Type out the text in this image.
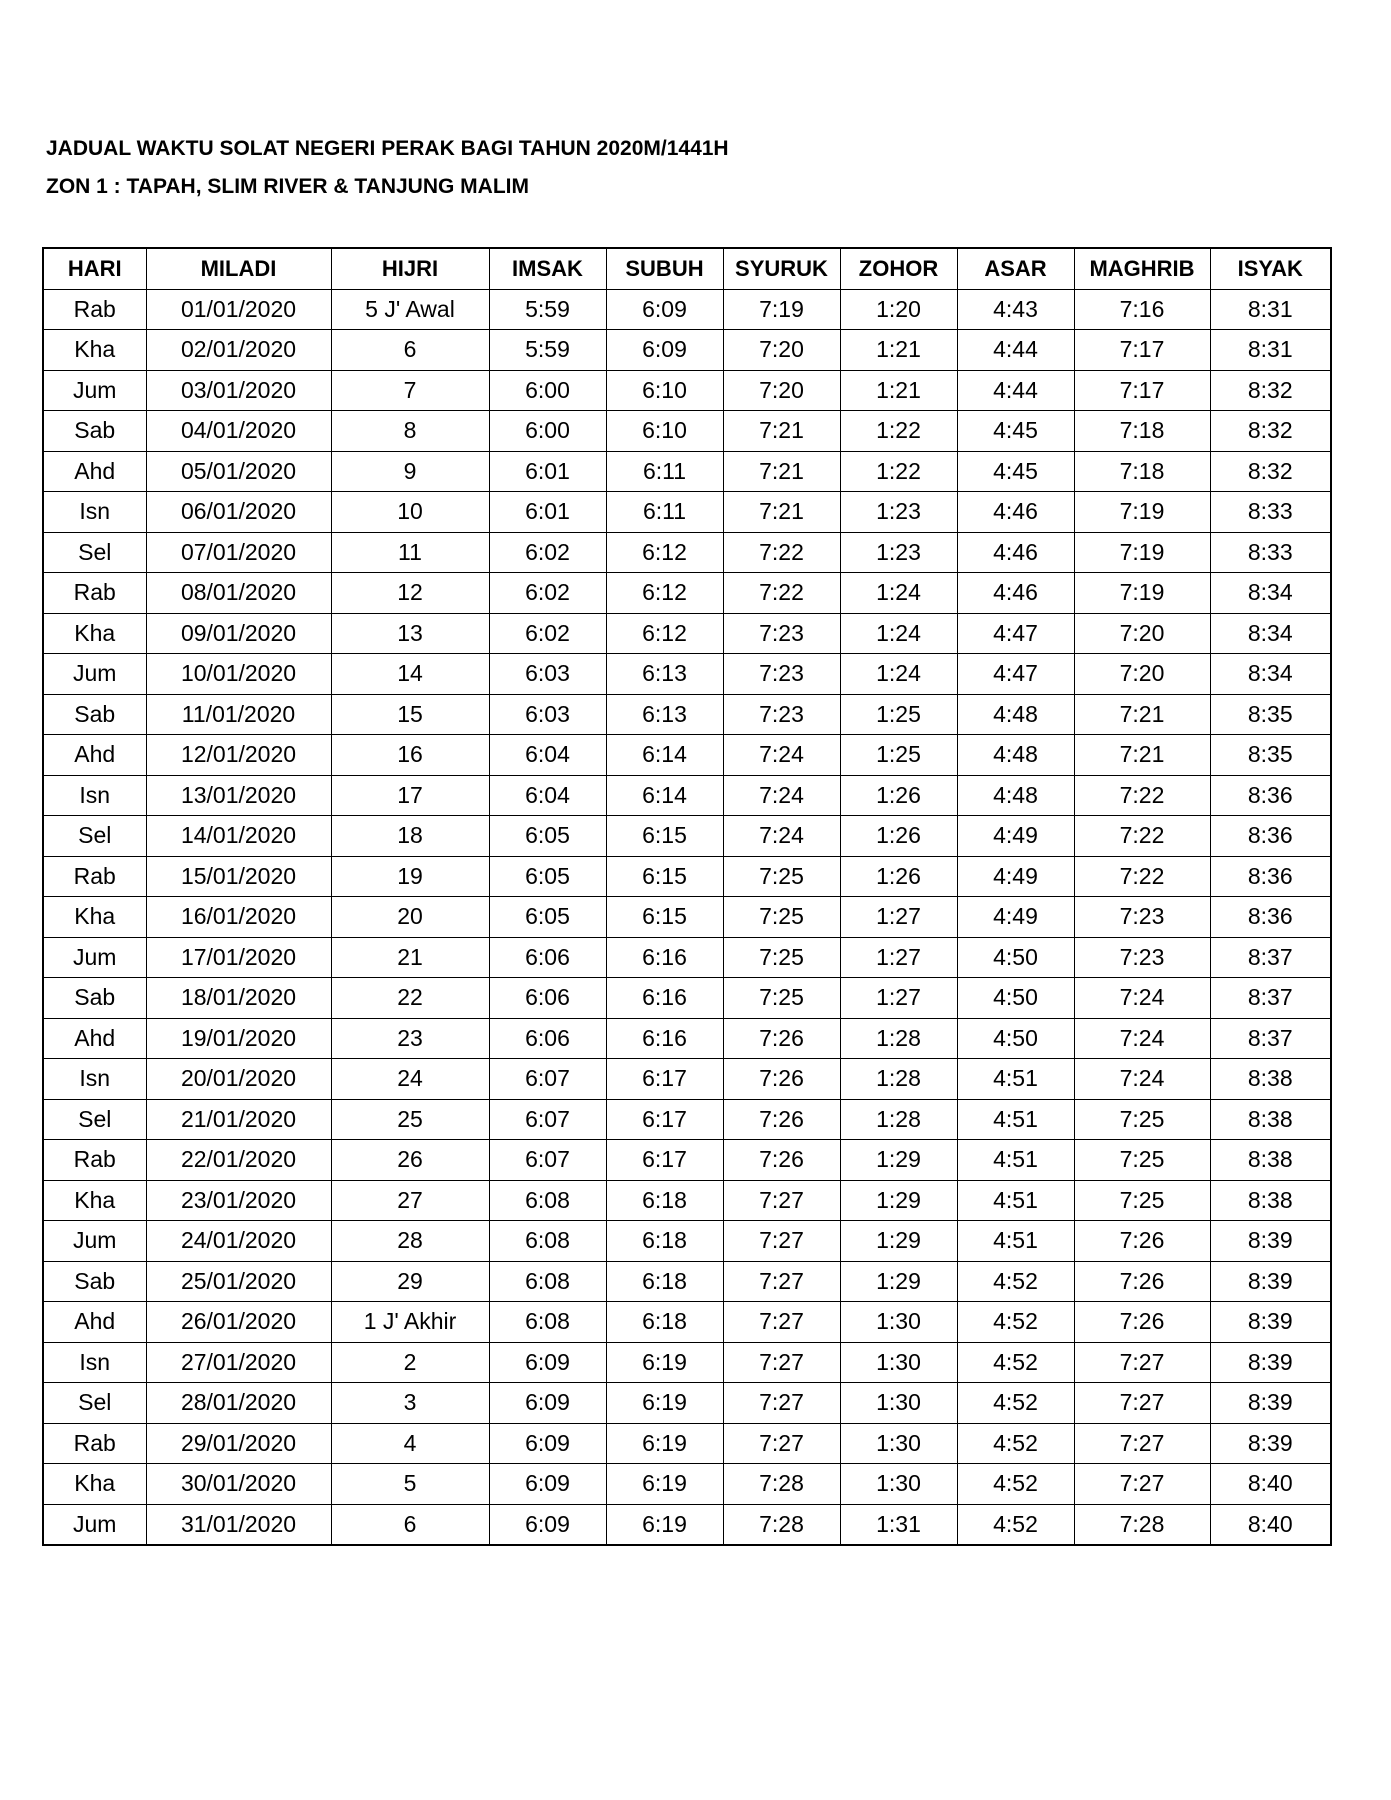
JADUAL WAKTU SOLAT NEGERI PERAK BAGI TAHUN 2020M/1441H
ZON 1 : TAPAH, SLIM RIVER & TANJUNG MALIM
HARI	MILADI	HIJRI	IMSAK	SUBUH	SYURUK	ZOHOR	ASAR	MAGHRIB	ISYAK
Rab	01/01/2020	5 J' Awal	5:59	6:09	7:19	1:20	4:43	7:16	8:31
Kha	02/01/2020	6	5:59	6:09	7:20	1:21	4:44	7:17	8:31
Jum	03/01/2020	7	6:00	6:10	7:20	1:21	4:44	7:17	8:32
Sab	04/01/2020	8	6:00	6:10	7:21	1:22	4:45	7:18	8:32
Ahd	05/01/2020	9	6:01	6:11	7:21	1:22	4:45	7:18	8:32
Isn	06/01/2020	10	6:01	6:11	7:21	1:23	4:46	7:19	8:33
Sel	07/01/2020	11	6:02	6:12	7:22	1:23	4:46	7:19	8:33
Rab	08/01/2020	12	6:02	6:12	7:22	1:24	4:46	7:19	8:34
Kha	09/01/2020	13	6:02	6:12	7:23	1:24	4:47	7:20	8:34
Jum	10/01/2020	14	6:03	6:13	7:23	1:24	4:47	7:20	8:34
Sab	11/01/2020	15	6:03	6:13	7:23	1:25	4:48	7:21	8:35
Ahd	12/01/2020	16	6:04	6:14	7:24	1:25	4:48	7:21	8:35
Isn	13/01/2020	17	6:04	6:14	7:24	1:26	4:48	7:22	8:36
Sel	14/01/2020	18	6:05	6:15	7:24	1:26	4:49	7:22	8:36
Rab	15/01/2020	19	6:05	6:15	7:25	1:26	4:49	7:22	8:36
Kha	16/01/2020	20	6:05	6:15	7:25	1:27	4:49	7:23	8:36
Jum	17/01/2020	21	6:06	6:16	7:25	1:27	4:50	7:23	8:37
Sab	18/01/2020	22	6:06	6:16	7:25	1:27	4:50	7:24	8:37
Ahd	19/01/2020	23	6:06	6:16	7:26	1:28	4:50	7:24	8:37
Isn	20/01/2020	24	6:07	6:17	7:26	1:28	4:51	7:24	8:38
Sel	21/01/2020	25	6:07	6:17	7:26	1:28	4:51	7:25	8:38
Rab	22/01/2020	26	6:07	6:17	7:26	1:29	4:51	7:25	8:38
Kha	23/01/2020	27	6:08	6:18	7:27	1:29	4:51	7:25	8:38
Jum	24/01/2020	28	6:08	6:18	7:27	1:29	4:51	7:26	8:39
Sab	25/01/2020	29	6:08	6:18	7:27	1:29	4:52	7:26	8:39
Ahd	26/01/2020	1 J' Akhir	6:08	6:18	7:27	1:30	4:52	7:26	8:39
Isn	27/01/2020	2	6:09	6:19	7:27	1:30	4:52	7:27	8:39
Sel	28/01/2020	3	6:09	6:19	7:27	1:30	4:52	7:27	8:39
Rab	29/01/2020	4	6:09	6:19	7:27	1:30	4:52	7:27	8:39
Kha	30/01/2020	5	6:09	6:19	7:28	1:30	4:52	7:27	8:40
Jum	31/01/2020	6	6:09	6:19	7:28	1:31	4:52	7:28	8:40
